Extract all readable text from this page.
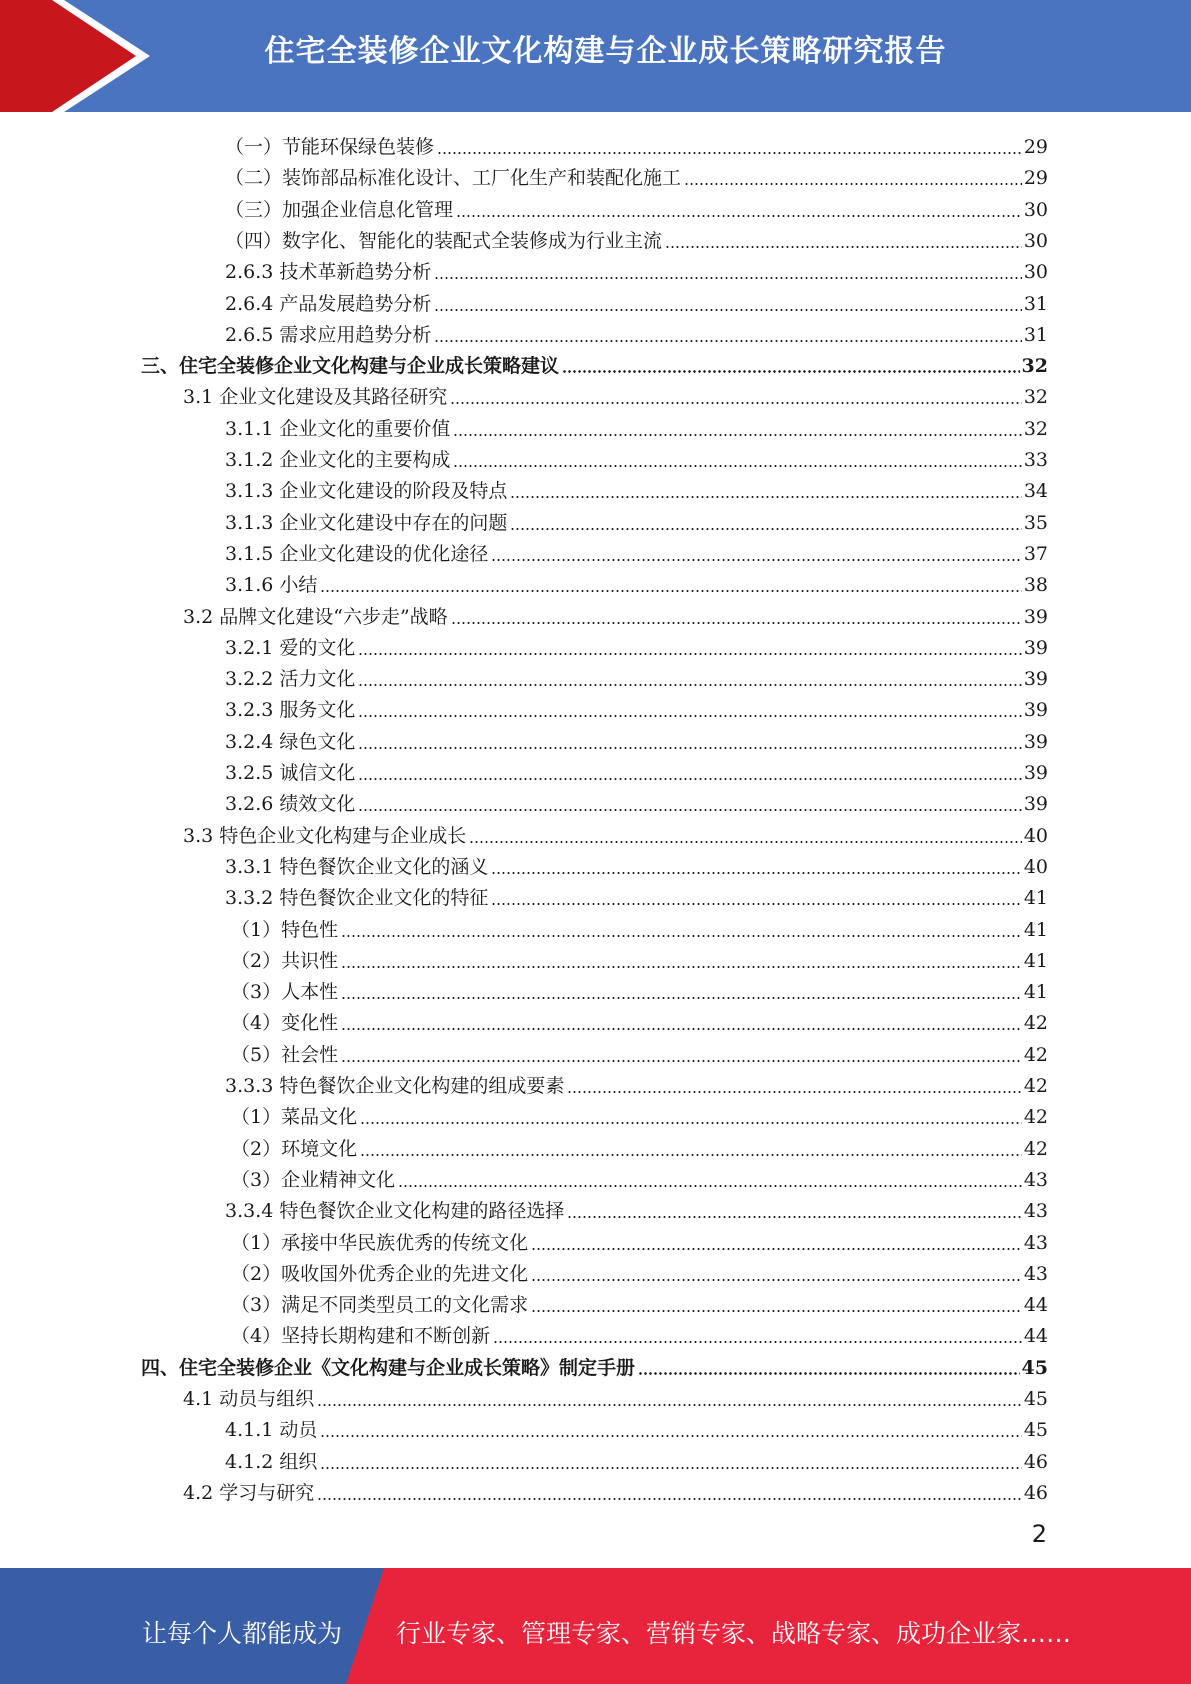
住宅全装修企业文化构建与企业成长策略研究报告
（一）节能环保绿色装修	29
（二）装饰部品标准化设计、工厂化生产和装配化施工	29
（三）加强企业信息化管理	30
（四）数字化、智能化的装配式全装修成为行业主流	30
2.6.3 技术革新趋势分析	30
2.6.4 产品发展趋势分析	31
2.6.5 需求应用趋势分析	31
三、住宅全装修企业文化构建与企业成长策略建议	32
3.1 企业文化建设及其路径研究	32
3.1.1 企业文化的重要价值	32
3.1.2 企业文化的主要构成	33
3.1.3 企业文化建设的阶段及特点	34
3.1.3 企业文化建设中存在的问题	35
3.1.5 企业文化建设的优化途径	37
3.1.6 小结	38
3.2 品牌文化建设“六步走”战略	39
3.2.1 爱的文化	39
3.2.2 活力文化	39
3.2.3 服务文化	39
3.2.4 绿色文化	39
3.2.5 诚信文化	39
3.2.6 绩效文化	39
3.3 特色企业文化构建与企业成长	40
3.3.1 特色餐饮企业文化的涵义	40
3.3.2 特色餐饮企业文化的特征	41
（1）特色性	41
（2）共识性	41
（3）人本性	41
（4）变化性	42
（5）社会性	42
3.3.3 特色餐饮企业文化构建的组成要素	42
（1）菜品文化	42
（2）环境文化	42
（3）企业精神文化	43
3.3.4 特色餐饮企业文化构建的路径选择	43
（1）承接中华民族优秀的传统文化	43
（2）吸收国外优秀企业的先进文化	43
（3）满足不同类型员工的文化需求	44
（4）坚持长期构建和不断创新	44
四、住宅全装修企业《文化构建与企业成长策略》制定手册	45
4.1 动员与组织	45
4.1.1 动员	45
4.1.2 组织	46
4.2 学习与研究	46
2
让每个人都能成为 行业专家、管理专家、营销专家、战略专家、成功企业家……
